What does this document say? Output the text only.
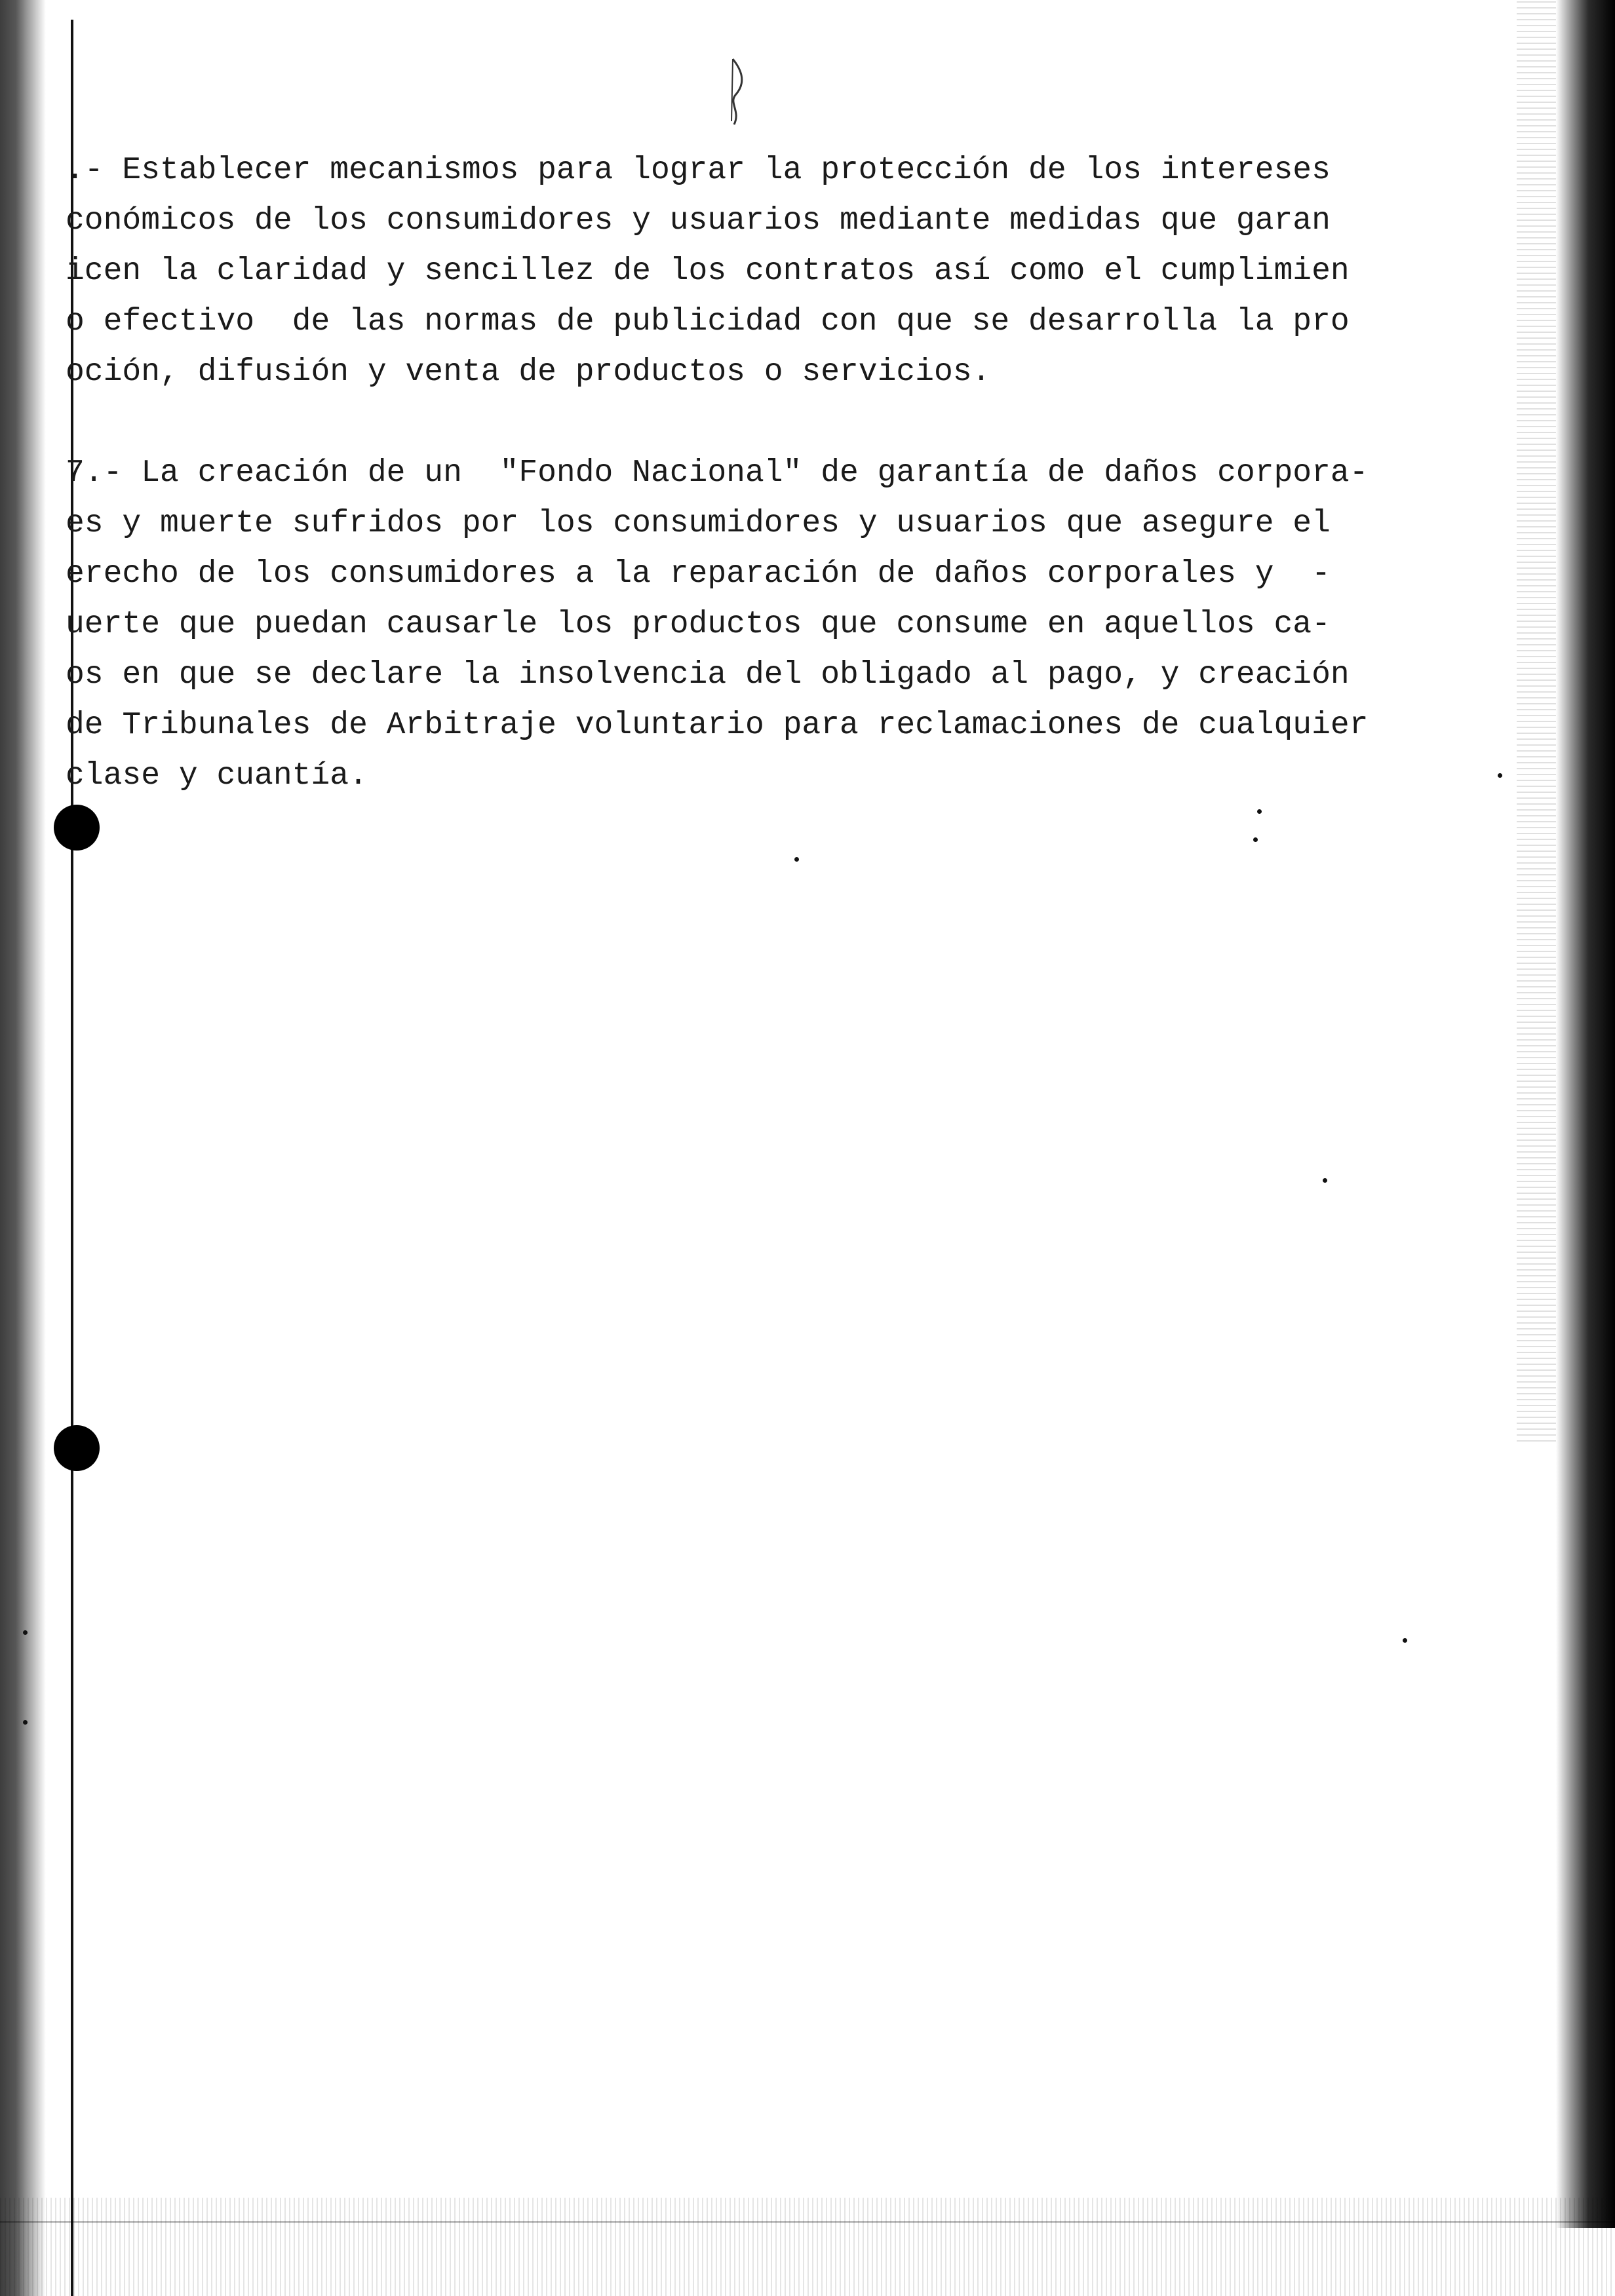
.- Establecer mecanismos para lograr la protección de los intereses
conómicos de los consumidores y usuarios mediante medidas que garan
icen la claridad y sencillez de los contratos así como el cumplimien
o efectivo  de las normas de publicidad con que se desarrolla la pro
oción, difusión y venta de productos o servicios.
7.- La creación de un  "Fondo Nacional" de garantía de daños corpora-
es y muerte sufridos por los consumidores y usuarios que asegure el
erecho de los consumidores a la reparación de daños corporales y  -
uerte que puedan causarle los productos que consume en aquellos ca-
os en que se declare la insolvencia del obligado al pago, y creación
de Tribunales de Arbitraje voluntario para reclamaciones de cualquier
clase y cuantía.
